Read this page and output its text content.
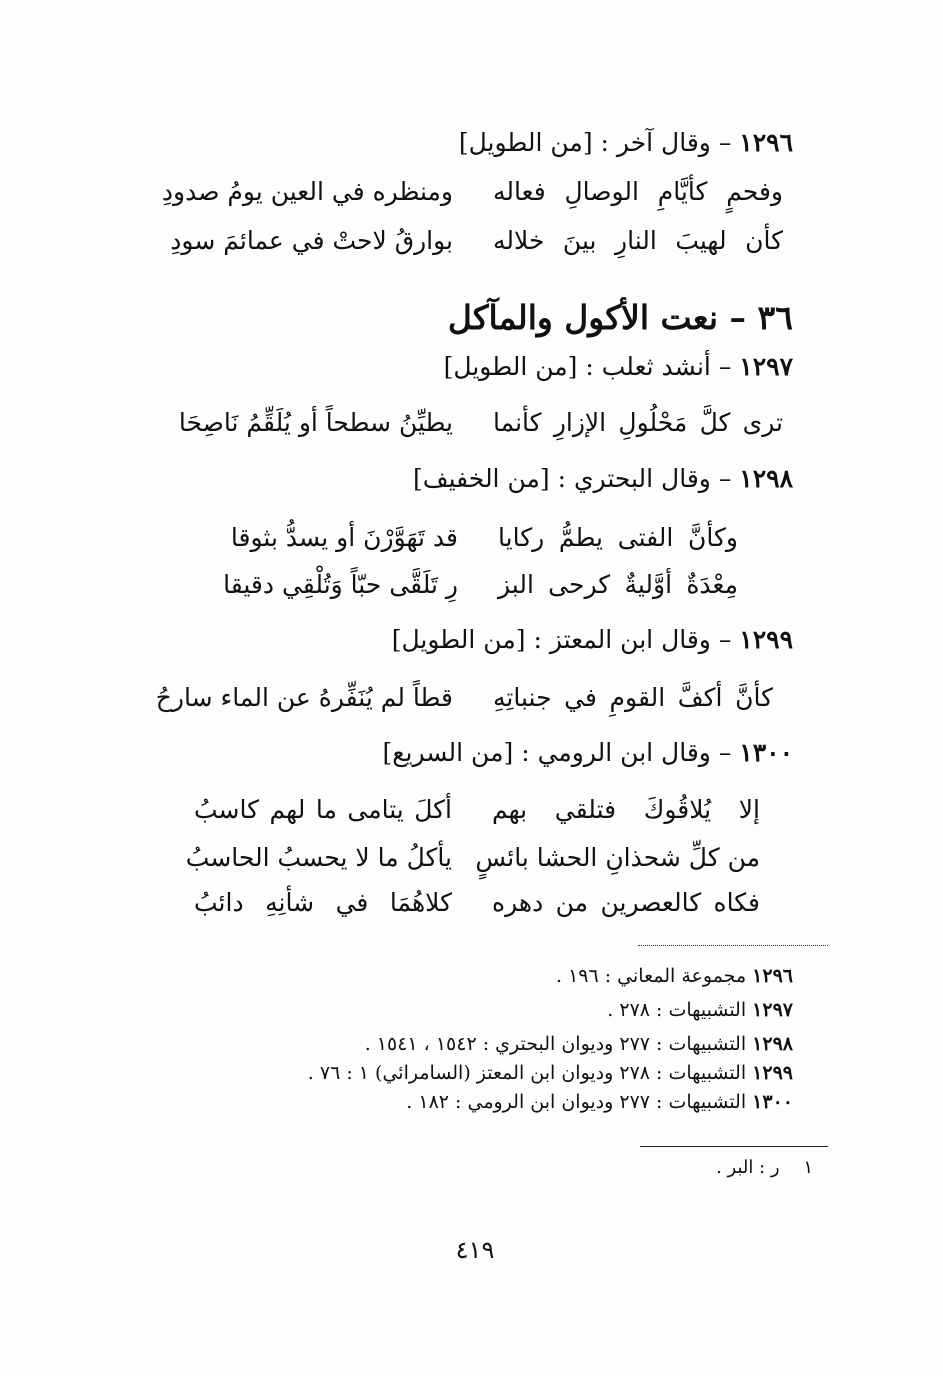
١٢٩٦ – وقال آخر : [من الطويل]
وفحمٍ كأيَّامِ الوصالِ فعاله
ومنظره في العين يومُ صدودِ
كأن لهيبَ النارِ بينَ خلاله
بوارقُ لاحتْ في عمائمَ سودِ
٣٦ – نعت الأكول والمآكل
١٢٩٧ – أنشد ثعلب : [من الطويل]
ترى كلَّ مَحْلُولِ الإزارِ كأنما
يطيِّنُ سطحاً أو يُلَقِّمُ نَاصِحَا
١٢٩٨ – وقال البحتري : [من الخفيف]
وكأنَّ الفتى يطمُّ ركايا
قد تَهَوَّرْنَ أو يسدُّ بثوقا
مِعْدَةٌ أوَّليةٌ كرحى البز
رِ تَلَقَّى حبّاً وَتُلْقِي دقيقا
١٢٩٩ – وقال ابن المعتز : [من الطويل]
كأنَّ أكفَّ القومِ في جنباتِهِ
قطاً لم يُنَفِّرهُ عن الماء سارحُ
١٣٠٠ – وقال ابن الرومي : [من السريع]
إلا يُلاقُوكَ فتلقي بهم
أكلَ يتامى ما لهم كاسبُ
من كلِّ شحذانِ الحشا بائسٍ
يأكلُ ما لا يحسبُ الحاسبُ
فكاه كالعصرين من دهره
كلاهُمَا في شأنِهِ دائبُ
١٢٩٦ مجموعة المعاني : ١٩٦ .
١٢٩٧ التشبيهات : ٢٧٨ .
١٢٩٨ التشبيهات : ٢٧٧ وديوان البحتري : ١٥٤٢ ، ١٥٤١ .
١٢٩٩ التشبيهات : ٢٧٨ وديوان ابن المعتز (السامرائي) ١ : ٧٦ .
١٣٠٠ التشبيهات : ٢٧٧ وديوان ابن الرومي : ١٨٢ .
١ ر : البر .
٤١٩
